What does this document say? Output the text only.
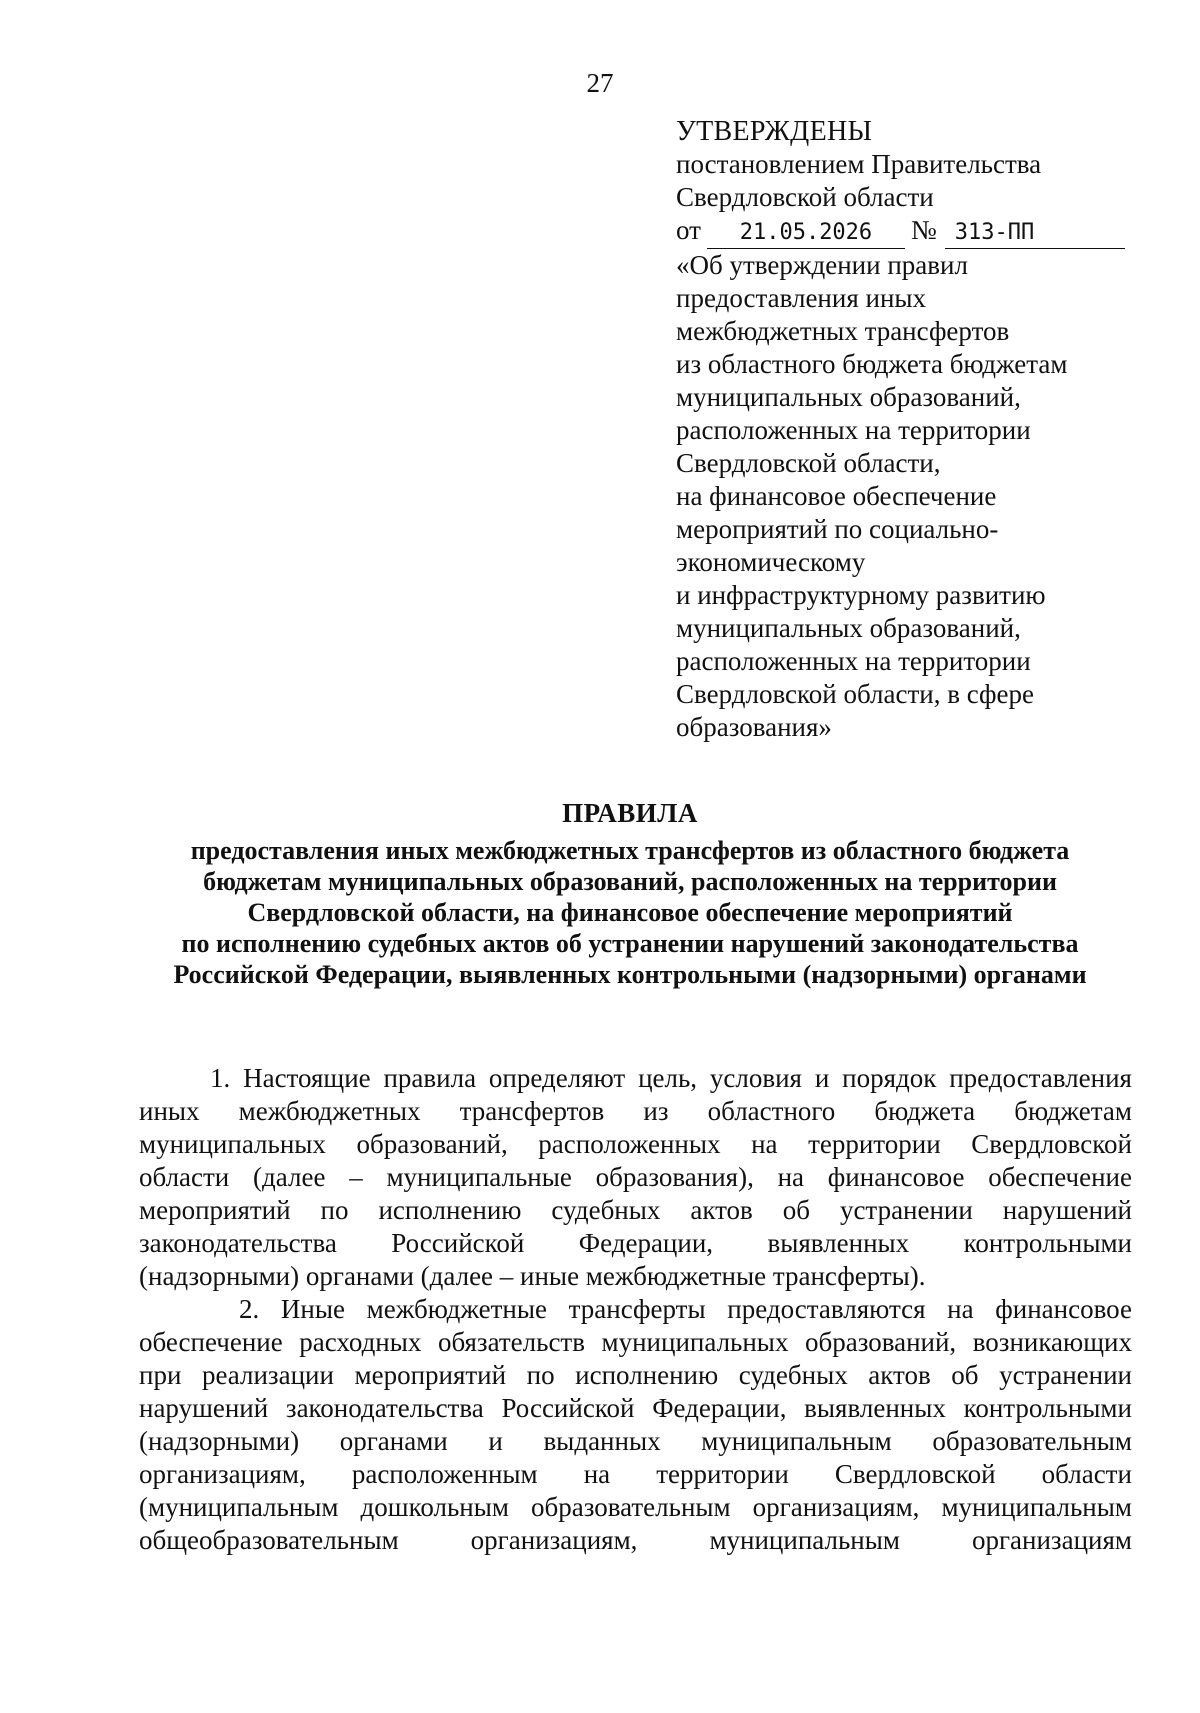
27
УТВЕРЖДЕНЫ
постановлением Правительства
Свердловской области
от	21.05.2026	№ 313-ПП
«Об утверждении правил
предоставления иных
межбюджетных трансфертов
из областного бюджета бюджетам
муниципальных образований,
расположенных на территории
Свердловской области,
на финансовое обеспечение
мероприятий по социально-
экономическому
и инфраструктурному развитию
муниципальных образований,
расположенных на территории
Свердловской области, в сфере
образования»
ПРАВИЛА
предоставления иных межбюджетных трансфертов из областного бюджета
бюджетам муниципальных образований, расположенных на территории
Свердловской области, на финансовое обеспечение мероприятий
по исполнению судебных актов об устранении нарушений законодательства
Российской Федерации, выявленных контрольными (надзорными) органами

1. Настоящие правила определяют цель, условия и порядок предоставления
иных межбюджетных трансфертов из областного бюджета бюджетам
муниципальных образований, расположенных на территории Свердловской
области (далее – муниципальные образования), на финансовое обеспечение
мероприятий по исполнению судебных актов об устранении нарушений
законодательства Российской Федерации, выявленных контрольными
(надзорными) органами (далее – иные межбюджетные трансферты).

2. Иные межбюджетные трансферты предоставляются на финансовое
обеспечение расходных обязательств муниципальных образований, возникающих
при реализации мероприятий по исполнению судебных актов об устранении
нарушений законодательства Российской Федерации, выявленных контрольными
(надзорными) органами и выданных муниципальным образовательным
организациям, расположенным на территории Свердловской области
(муниципальным дошкольным образовательным организациям, муниципальным
общеобразовательным	организациям,	муниципальным	организациям
